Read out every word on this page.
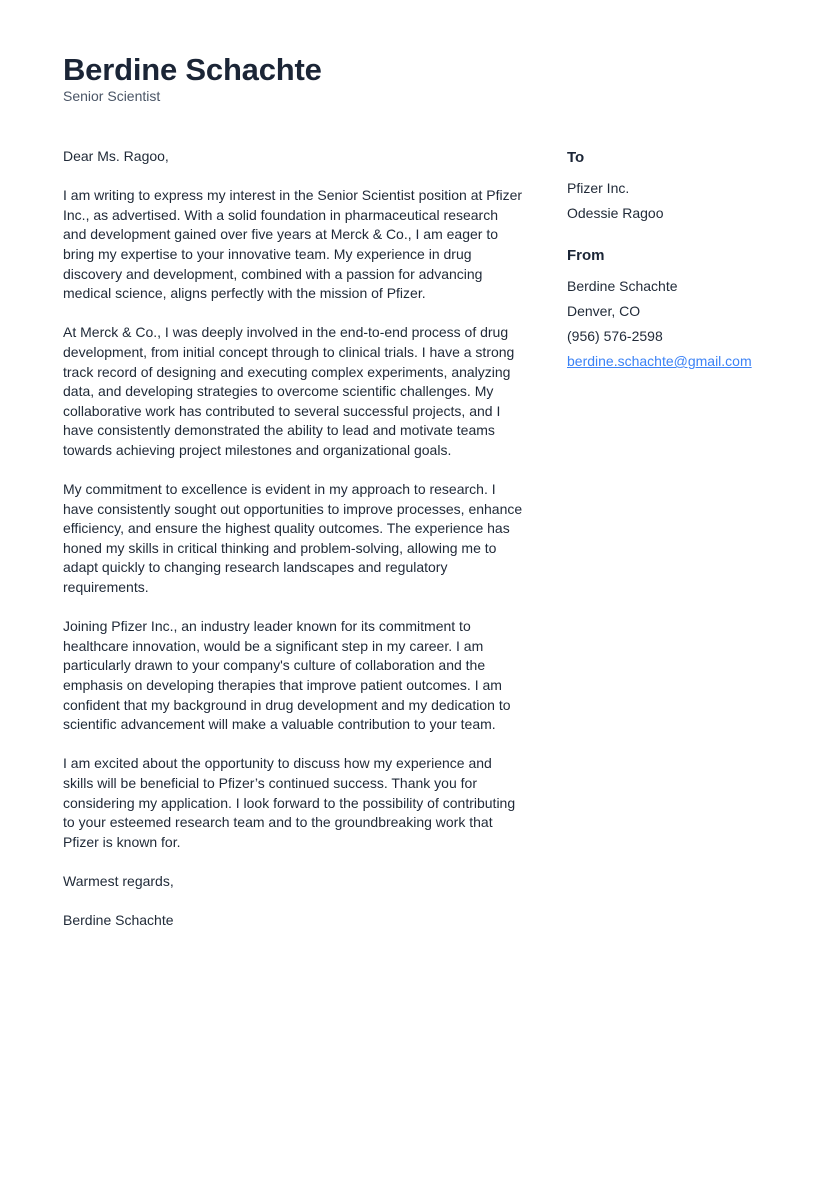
Berdine Schachte
Senior Scientist

Dear Ms. Ragoo,

I am writing to express my interest in the Senior Scientist position at Pfizer Inc., as advertised. With a solid foundation in pharmaceutical research and development gained over five years at Merck & Co., I am eager to bring my expertise to your innovative team. My experience in drug discovery and development, combined with a passion for advancing medical science, aligns perfectly with the mission of Pfizer.

At Merck & Co., I was deeply involved in the end-to-end process of drug development, from initial concept through to clinical trials. I have a strong track record of designing and executing complex experiments, analyzing data, and developing strategies to overcome scientific challenges. My collaborative work has contributed to several successful projects, and I have consistently demonstrated the ability to lead and motivate teams towards achieving project milestones and organizational goals.

My commitment to excellence is evident in my approach to research. I have consistently sought out opportunities to improve processes, enhance efficiency, and ensure the highest quality outcomes. The experience has honed my skills in critical thinking and problem-solving, allowing me to adapt quickly to changing research landscapes and regulatory requirements.

Joining Pfizer Inc., an industry leader known for its commitment to healthcare innovation, would be a significant step in my career. I am particularly drawn to your company's culture of collaboration and the emphasis on developing therapies that improve patient outcomes. I am confident that my background in drug development and my dedication to scientific advancement will make a valuable contribution to your team.

I am excited about the opportunity to discuss how my experience and skills will be beneficial to Pfizer’s continued success. Thank you for considering my application. I look forward to the possibility of contributing to your esteemed research team and to the groundbreaking work that Pfizer is known for.

Warmest regards,

Berdine Schachte

To
Pfizer Inc.
Odessie Ragoo
From
Berdine Schachte
Denver, CO
(956) 576-2598
berdine.schachte@gmail.com
